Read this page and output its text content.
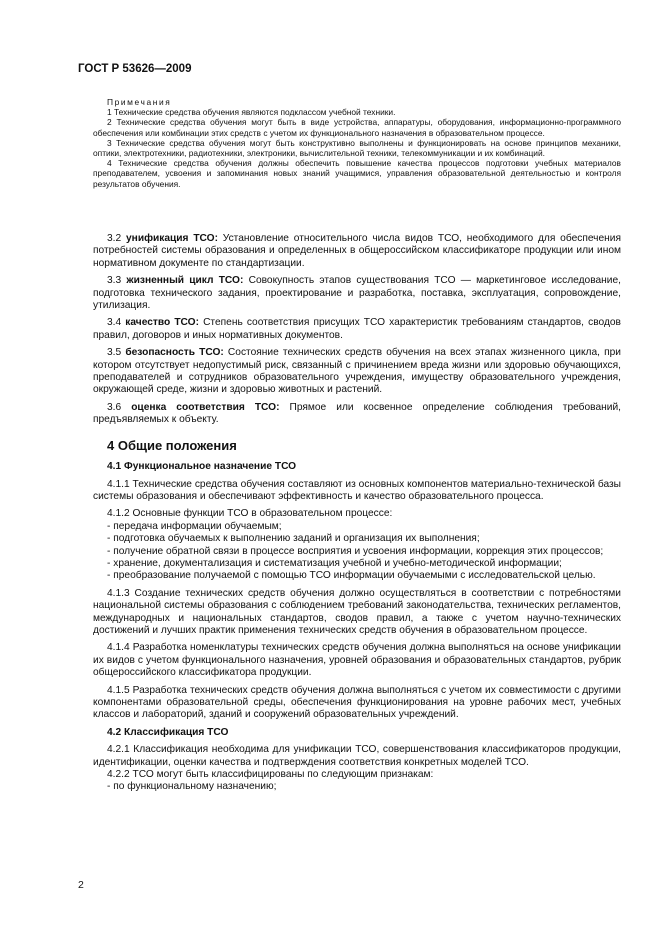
ГОСТ Р 53626—2009

Примечания

1 Технические средства обучения являются подклассом учебной техники.

2 Технические средства обучения могут быть в виде устройства, аппаратуры, оборудования, информационно-программного обеспечения или комбинации этих средств с учетом их функционального назначения в образовательном процессе.

3 Технические средства обучения могут быть конструктивно выполнены и функционировать на основе принципов механики, оптики, электротехники, радиотехники, электроники, вычислительной техники, телекоммуникации и их комбинаций.

4 Технические средства обучения должны обеспечить повышение качества процессов подготовки учебных материалов преподавателем, усвоения и запоминания новых знаний учащимися, управления образовательной деятельностью и контроля результатов обучения.

3.2 унификация ТСО: Установление относительного числа видов ТСО, необходимого для обеспечения потребностей системы образования и определенных в общероссийском классификаторе продукции или ином нормативном документе по стандартизации.

3.3 жизненный цикл ТСО: Совокупность этапов существования ТСО — маркетинговое исследование, подготовка технического задания, проектирование и разработка, поставка, эксплуатация, сопровождение, утилизация.

3.4 качество ТСО: Степень соответствия присущих ТСО характеристик требованиям стандартов, сводов правил, договоров и иных нормативных документов.

3.5 безопасность ТСО: Состояние технических средств обучения на всех этапах жизненного цикла, при котором отсутствует недопустимый риск, связанный с причинением вреда жизни или здоровью обучающихся, преподавателей и сотрудников образовательного учреждения, имуществу образовательного учреждения, окружающей среде, жизни и здоровью животных и растений.

3.6 оценка соответствия ТСО: Прямое или косвенное определение соблюдения требований, предъявляемых к объекту.

4 Общие положения

4.1 Функциональное назначение ТСО

4.1.1 Технические средства обучения составляют из основных компонентов материально-технической базы системы образования и обеспечивают эффективность и качество образовательного процесса.

4.1.2 Основные функции ТСО в образовательном процессе:

- передача информации обучаемым;

- подготовка обучаемых к выполнению заданий и организация их выполнения;

- получение обратной связи в процессе восприятия и усвоения информации, коррекция этих процессов;

- хранение, документализация и систематизация учебной и учебно-методической информации;

- преобразование получаемой с помощью ТСО информации обучаемыми с исследовательской целью.

4.1.3 Создание технических средств обучения должно осуществляться в соответствии с потребностями национальной системы образования с соблюдением требований законодательства, технических регламентов, международных и национальных стандартов, сводов правил, а также с учетом научно-технических достижений и лучших практик применения технических средств обучения в образовательном процессе.

4.1.4 Разработка номенклатуры технических средств обучения должна выполняться на основе унификации их видов с учетом функционального назначения, уровней образования и образовательных стандартов, рубрик общероссийского классификатора продукции.

4.1.5 Разработка технических средств обучения должна выполняться с учетом их совместимости с другими компонентами образовательной среды, обеспечения функционирования на уровне рабочих мест, учебных классов и лабораторий, зданий и сооружений образовательных учреждений.

4.2 Классификация ТСО

4.2.1 Классификация необходима для унификации ТСО, совершенствования классификаторов продукции, идентификации, оценки качества и подтверждения соответствия конкретных моделей ТСО.

4.2.2 ТСО могут быть классифицированы по следующим признакам:

- по функциональному назначению;

2
